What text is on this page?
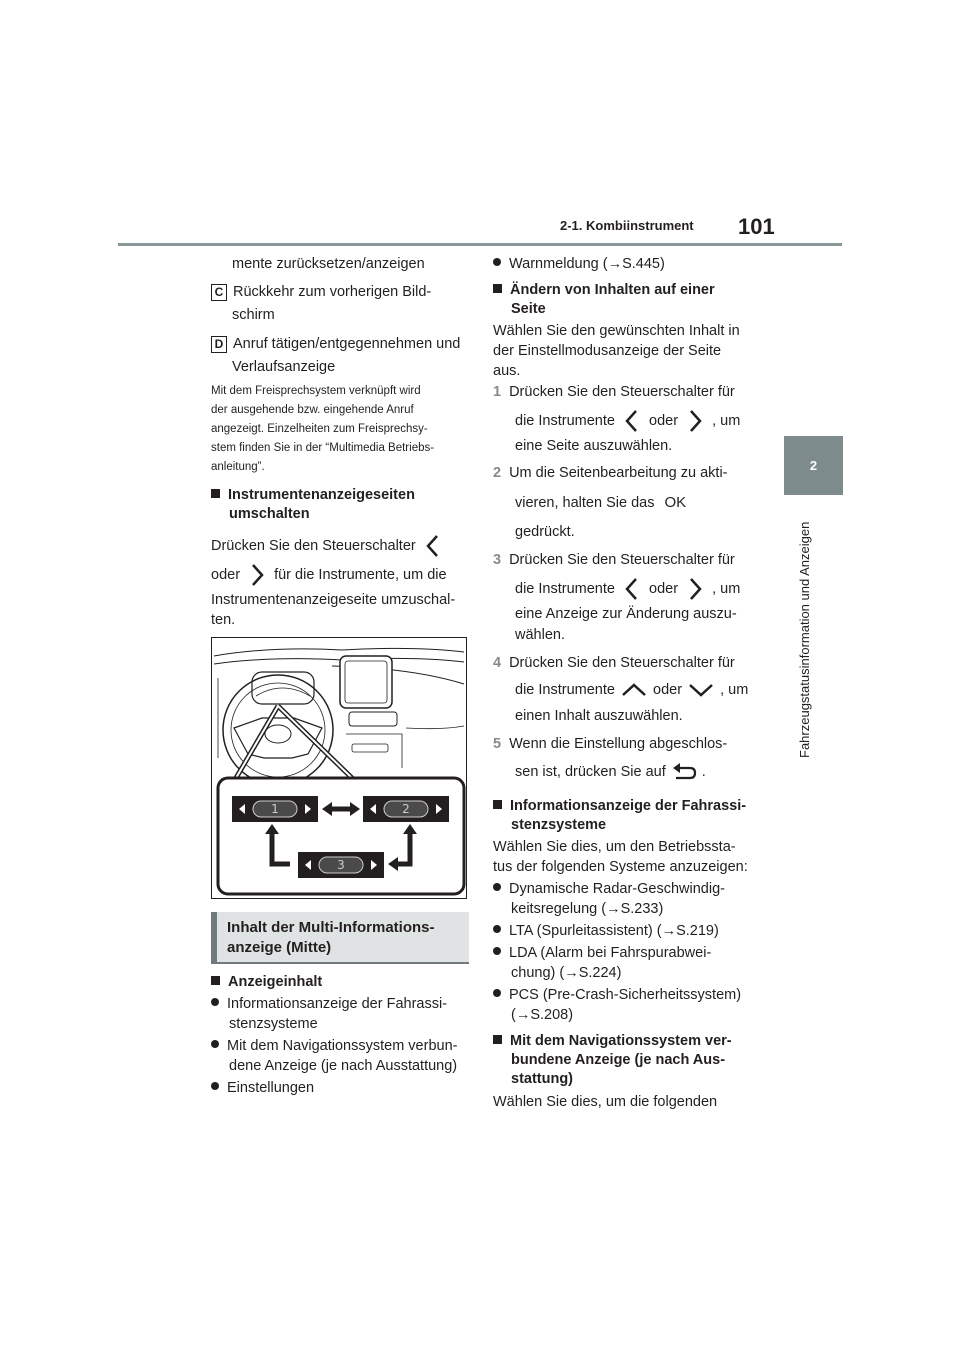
2-1. Kombiinstrument 101
2
Fahrzeugstatusinformation und Anzeigen

mente zurücksetzen/anzeigen

C Rückkehr zum vorherigen Bild-

schirm

D Anruf tätigen/entgegennehmen und

Verlaufsanzeige

Mit dem Freisprechsystem verknüpft wird

der ausgehende bzw. eingehende Anruf

angezeigt. Einzelheiten zum Freisprechsy-

stem finden Sie in der “Multimedia Betriebs-

anleitung”.

Instrumentenanzeigeseiten

umschalten

Drücken Sie den Steuerschalter

oder für die Instrumente, um die

Instrumentenanzeigeseite umzuschal-

ten.

1	2
3
Inhalt der Multi-Informations-
anzeige (Mitte)

Anzeigeinhalt

Informationsanzeige der Fahrassi-

stenzsysteme

Mit dem Navigationssystem verbun-

dene Anzeige (je nach Ausstattung)

Einstellungen

Warnmeldung (→S.445)

Ändern von Inhalten auf einer

Seite

Wählen Sie den gewünschten Inhalt in

der Einstellmodusanzeige der Seite

aus.

1 Drücken Sie den Steuerschalter für

die Instrumente oder , um

eine Seite auszuwählen.

2 Um die Seitenbearbeitung zu akti-

vieren, halten Sie das OK

gedrückt.

3 Drücken Sie den Steuerschalter für

die Instrumente oder , um

eine Anzeige zur Änderung auszu-

wählen.

4 Drücken Sie den Steuerschalter für

die Instrumente	oder	, um

einen Inhalt auszuwählen.

5 Wenn die Einstellung abgeschlos-

sen ist, drücken Sie auf .

Informationsanzeige der Fahrassi-

stenzsysteme

Wählen Sie dies, um den Betriebssta-

tus der folgenden Systeme anzuzeigen:

Dynamische Radar-Geschwindig-

keitsregelung (→S.233)

LTA (Spurleitassistent) (→S.219)

LDA (Alarm bei Fahrspurabwei-

chung) (→S.224)

PCS (Pre-Crash-Sicherheitssystem)

(→S.208)

Mit dem Navigationssystem ver-

bundene Anzeige (je nach Aus-

stattung)

Wählen Sie dies, um die folgenden
